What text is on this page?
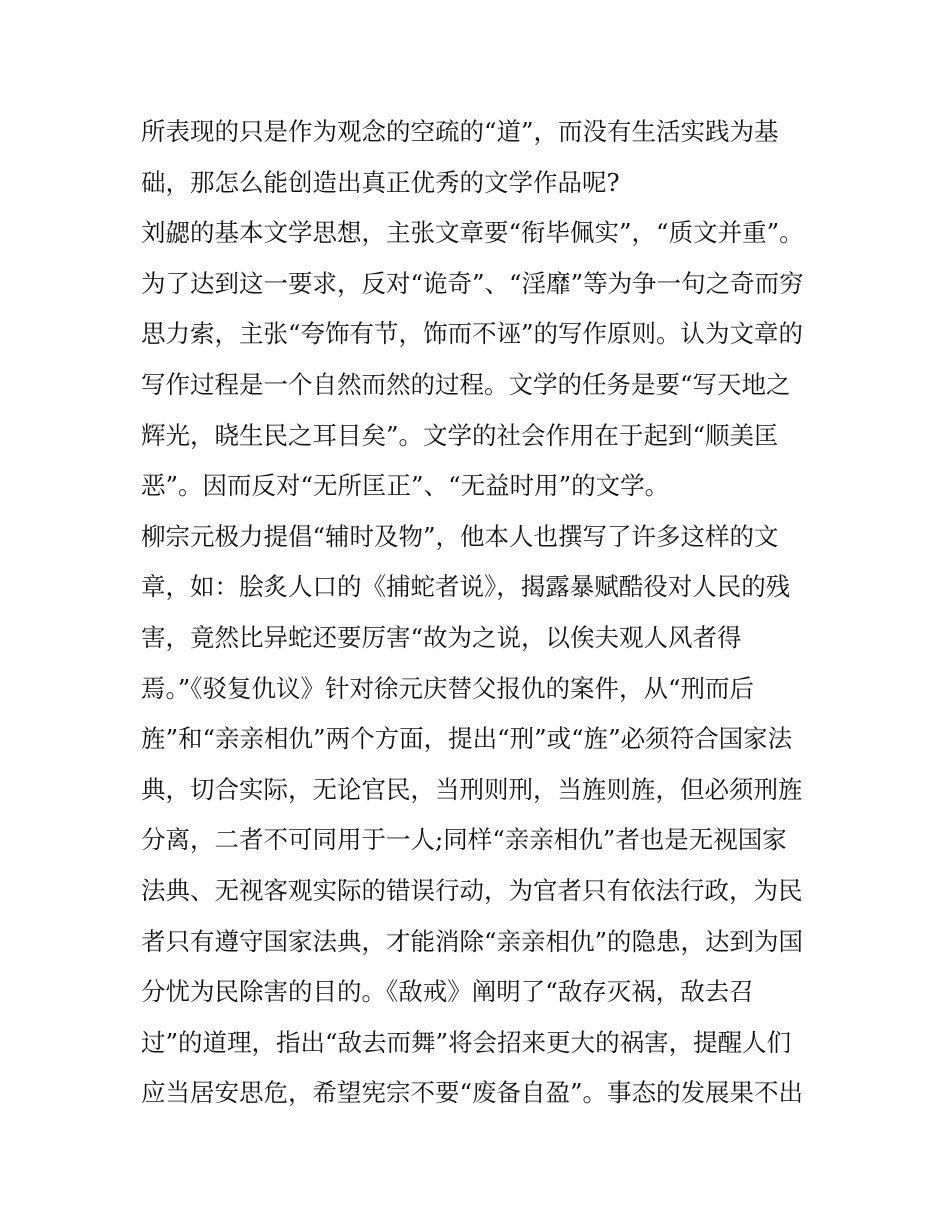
所表现的只是作为观念的空疏的“道”，而没有生活实践为基
础，那怎么能创造出真正优秀的文学作品呢?
刘勰的基本文学思想，主张文章要“衔毕佩实”，“质文并重”。
为了达到这一要求，反对“诡奇”、“淫靡”等为争一句之奇而穷
思力索，主张“夸饰有节，饰而不诬”的写作原则。认为文章的
写作过程是一个自然而然的过程。文学的任务是要“写天地之
辉光，晓生民之耳目矣”。文学的社会作用在于起到“顺美匡
恶”。因而反对“无所匡正”、“无益时用”的文学。
柳宗元极力提倡“辅时及物”，他本人也撰写了许多这样的文
章，如：脍炙人口的《捕蛇者说》，揭露暴赋酷役对人民的残
害，竟然比异蛇还要厉害“故为之说，以俟夫观人风者得
焉。”《驳复仇议》针对徐元庆替父报仇的案件，从“刑而后
旌”和“亲亲相仇”两个方面，提出“刑”或“旌”必须符合国家法
典，切合实际，无论官民，当刑则刑，当旌则旌，但必须刑旌
分离，二者不可同用于一人;同样“亲亲相仇”者也是无视国家
法典、无视客观实际的错误行动，为官者只有依法行政，为民
者只有遵守国家法典，才能消除“亲亲相仇”的隐患，达到为国
分忧为民除害的目的。《敌戒》阐明了“敌存灭祸，敌去召
过”的道理，指出“敌去而舞”将会招来更大的祸害，提醒人们
应当居安思危，希望宪宗不要“废备自盈”。事态的发展果不出
